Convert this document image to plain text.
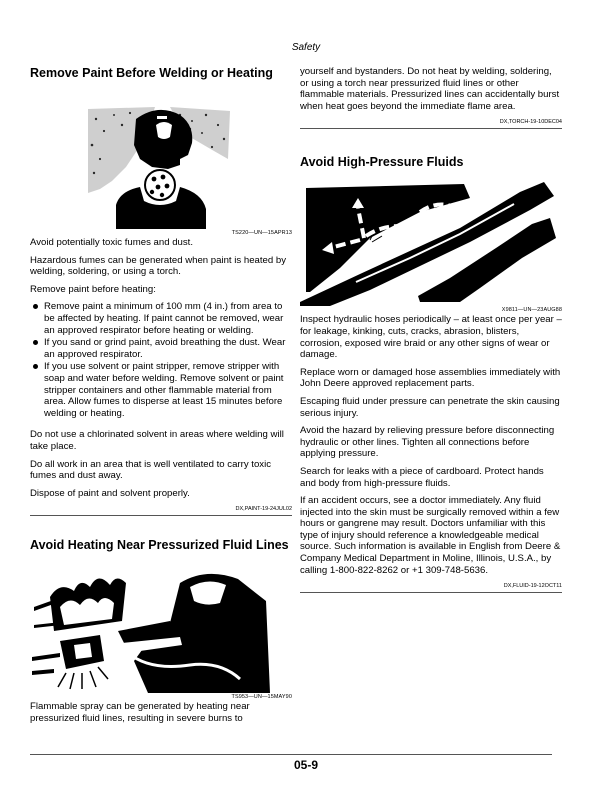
Safety
Remove Paint Before Welding or Heating

TS220—UN—15APR13

Avoid potentially toxic fumes and dust.

Hazardous fumes can be generated when paint is heated by welding, soldering, or using a torch.

Remove paint before heating:

Remove paint a minimum of 100 mm (4 in.) from area to be affected by heating. If paint cannot be removed, wear an approved respirator before heating or welding.
If you sand or grind paint, avoid breathing the dust. Wear an approved respirator.
If you use solvent or paint stripper, remove stripper with soap and water before welding. Remove solvent or paint stripper containers and other flammable material from area. Allow fumes to disperse at least 15 minutes before welding or heating.

Do not use a chlorinated solvent in areas where welding will take place.

Do all work in an area that is well ventilated to carry toxic fumes and dust away.

Dispose of paint and solvent properly.

DX,PAINT-19-24JUL02

Avoid Heating Near Pressurized Fluid Lines

TS953—UN—15MAY90

Flammable spray can be generated by heating near pressurized fluid lines, resulting in severe burns to

yourself and bystanders. Do not heat by welding, soldering, or using a torch near pressurized fluid lines or other flammable materials. Pressurized lines can accidentally burst when heat goes beyond the immediate flame area.

DX,TORCH-19-10DEC04

Avoid High-Pressure Fluids

X9811—UN—23AUG88

Inspect hydraulic hoses periodically – at least once per year – for leakage, kinking, cuts, cracks, abrasion, blisters, corrosion, exposed wire braid or any other signs of wear or damage.

Replace worn or damaged hose assemblies immediately with John Deere approved replacement parts.

Escaping fluid under pressure can penetrate the skin causing serious injury.

Avoid the hazard by relieving pressure before disconnecting hydraulic or other lines. Tighten all connections before applying pressure.

Search for leaks with a piece of cardboard. Protect hands and body from high-pressure fluids.

If an accident occurs, see a doctor immediately. Any fluid injected into the skin must be surgically removed within a few hours or gangrene may result. Doctors unfamiliar with this type of injury should reference a knowledgeable medical source. Such information is available in English from Deere & Company Medical Department in Moline, Illinois, U.S.A., by calling 1-800-822-8262 or +1 309-748-5636.

DX,FLUID-19-12OCT11

05-9
